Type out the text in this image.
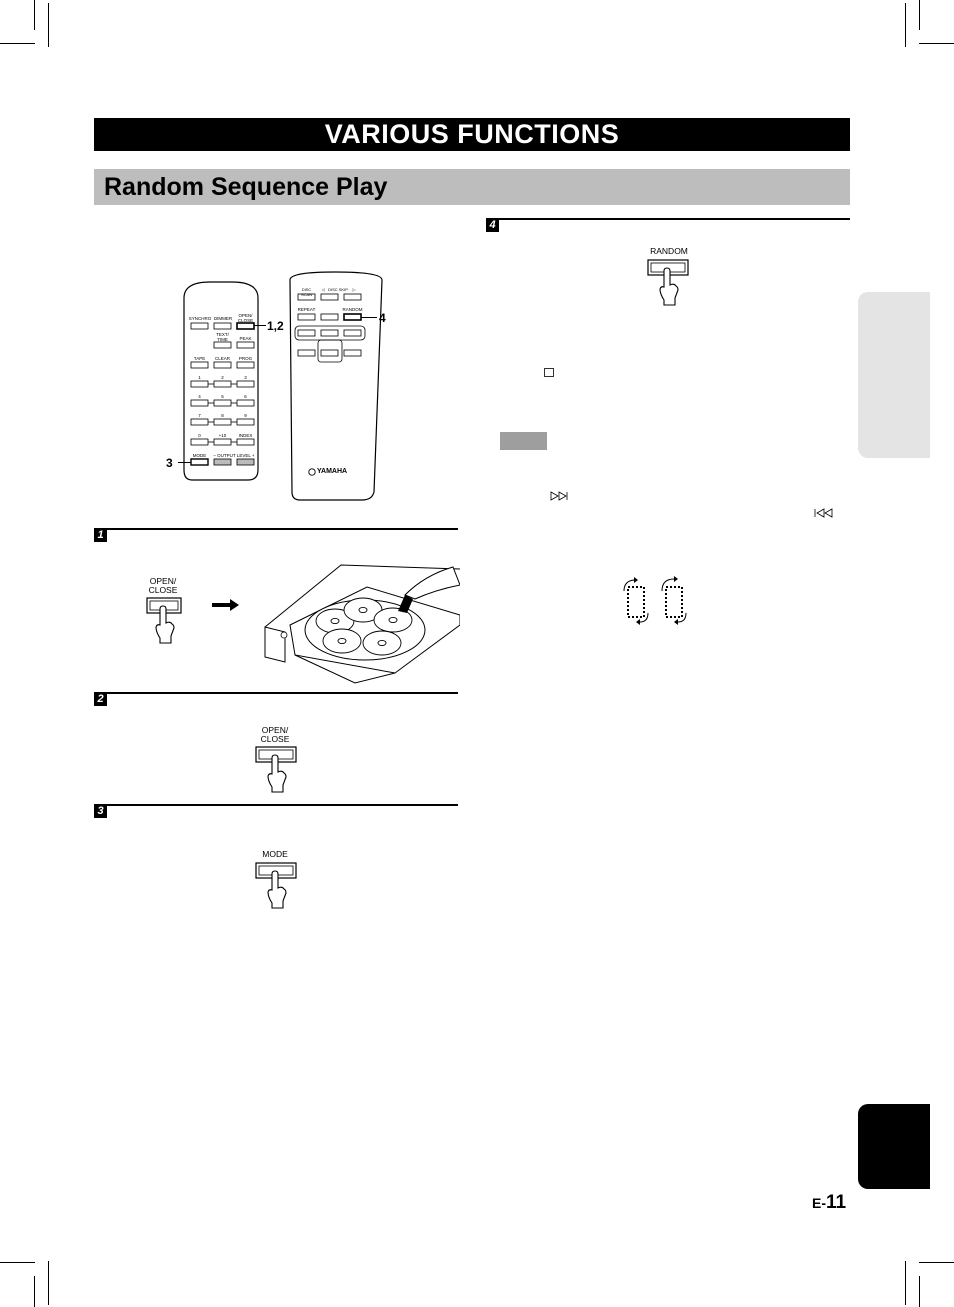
VARIOUS FUNCTIONS
Random Sequence Play
1,2
3
4
SYNCHRO DIMMER
OPEN/ CLOSE
TEXT/ TIME	PEAK
TAPE	CLEAR	PROG
1	2	3
4	5	6
7	8	9
0	+10	INDEX
MODE	– OUTPUT LEVEL +
DISC SCAN
◁ DISC SKIP	▷
REPEAT	RANDOM
YAMAHA
1
OPEN/
CLOSE
2
OPEN/
CLOSE
3
MODE
4
RANDOM
E-11
